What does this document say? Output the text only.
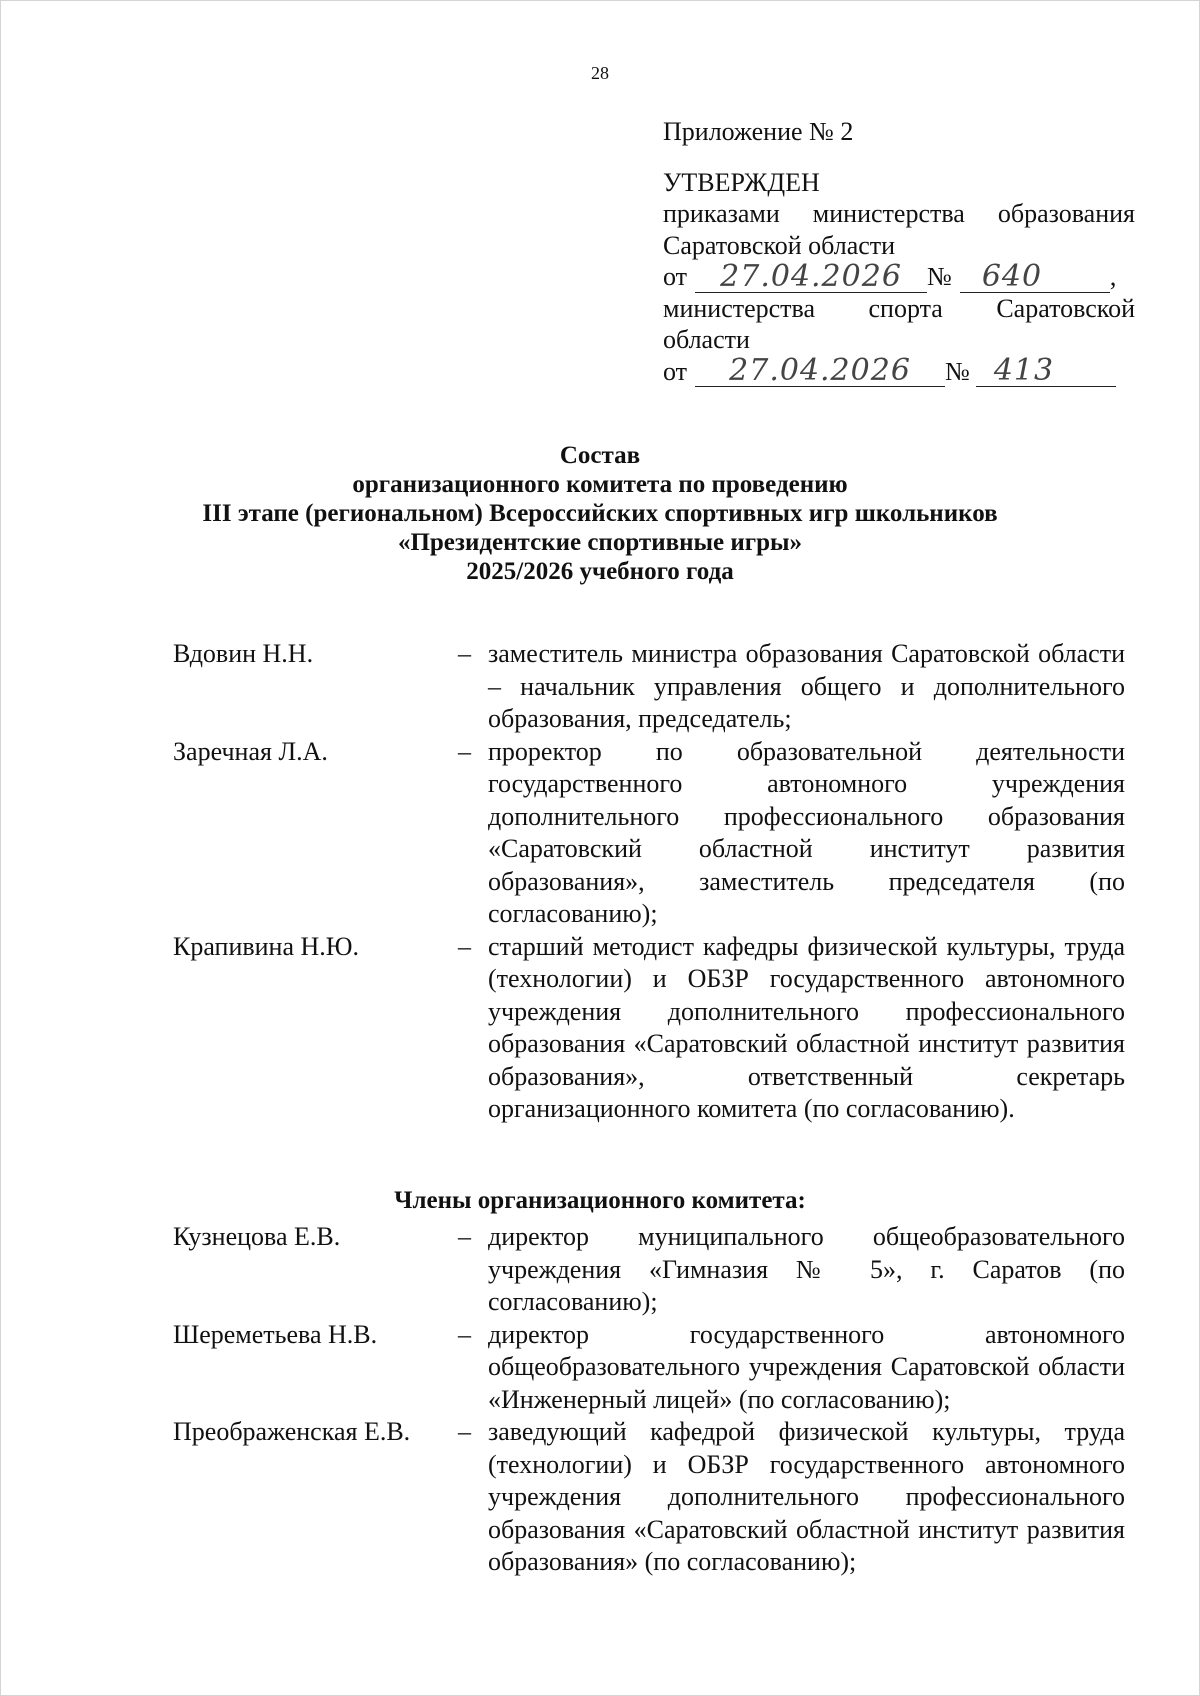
28
Приложение № 2
УТВЕРЖДЕН
приказами министерства образования
Саратовской области
от	27.04.2026 №	640	,
министерства спорта Саратовской
области
от	27.04.2026	№ 413
Состав
организационного комитета по проведению
III этапе (региональном) Всероссийских спортивных игр школьников
«Президентские спортивные игры»
2025/2026 учебного года
Вдовин Н.Н.	– заместитель министра образования Саратовской области – начальник управления общего и дополнительного образования, председатель;
Заречная Л.А.	– проректор по образовательной деятельности государственного автономного учреждения дополнительного профессионального образования «Саратовский областной институт развития образования», заместитель председателя (по согласованию);
Крапивина Н.Ю.	– старший методист кафедры физической культуры, труда (технологии) и ОБЗР государственного автономного учреждения дополнительного профессионального образования «Саратовский областной институт развития образования», ответственный секретарь организационного комитета (по согласованию).
Члены организационного комитета:
Кузнецова Е.В.	– директор муниципального общеобразовательного учреждения «Гимназия № 5», г. Саратов (по согласованию);
Шереметьева Н.В.	– директор государственного автономного общеобразовательного учреждения Саратовской области «Инженерный лицей» (по согласованию);
Преображенская Е.В.	– заведующий кафедрой физической культуры, труда (технологии) и ОБЗР государственного автономного учреждения дополнительного профессионального образования «Саратовский областной институт развития образования» (по согласованию);
